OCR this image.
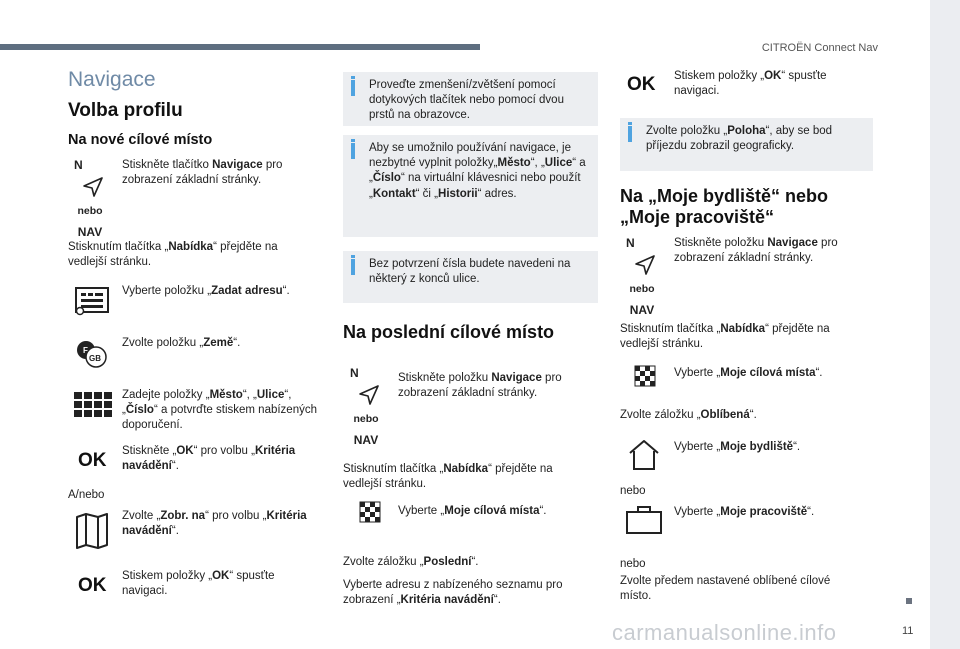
CITROËN Connect Nav
11
Navigace
Volba profilu
Na nové cílové místo
N
nebo
NAV
Stiskněte tlačítko Navigace pro zobrazení základní stránky.
Stisknutím tlačítka „Nabídka“ přejděte na vedlejší stránku.
Vyberte položku „Zadat adresu“.
F
GB
Zvolte položku „Země“.
Zadejte položky „Město“, „Ulice“, „Číslo“ a potvrďte stiskem nabízených doporučení.
OK Stiskněte „OK“ pro volbu „Kritéria navádění“.
A/nebo
Zvolte „Zobr. na“ pro volbu „Kritéria navádění“.
OK Stiskem položky „OK“ spusťte navigaci.
Proveďte zmenšení/zvětšení pomocí dotykových tlačítek nebo pomocí dvou prstů na obrazovce.
Aby se umožnilo používání navigace, je nezbytné vyplnit položky„Město“, „Ulice“ a „Číslo“ na virtuální klávesnici nebo použít „Kontakt“ či „Historii“ adres.
Bez potvrzení čísla budete navedeni na některý z konců ulice.
Na poslední cílové místo
N
nebo
NAV
Stiskněte položku Navigace pro zobrazení základní stránky.
Stisknutím tlačítka „Nabídka“ přejděte na vedlejší stránku.
Vyberte „Moje cílová místa“.
Zvolte záložku „Poslední“.
Vyberte adresu z nabízeného seznamu pro zobrazení „Kritéria navádění“.
OK Stiskem položky „OK“ spusťte navigaci.
Zvolte položku „Poloha“, aby se bod příjezdu zobrazil geograficky.
Na „Moje bydliště“ nebo
„Moje pracoviště“
N
nebo
NAV
Stiskněte položku Navigace pro zobrazení základní stránky.
Stisknutím tlačítka „Nabídka“ přejděte na vedlejší stránku.
Vyberte „Moje cílová místa“.
Zvolte záložku „Oblíbená“.
Vyberte „Moje bydliště“.
nebo
Vyberte „Moje pracoviště“.
nebo
Zvolte předem nastavené oblíbené cílové místo.
carmanualsonline.info
